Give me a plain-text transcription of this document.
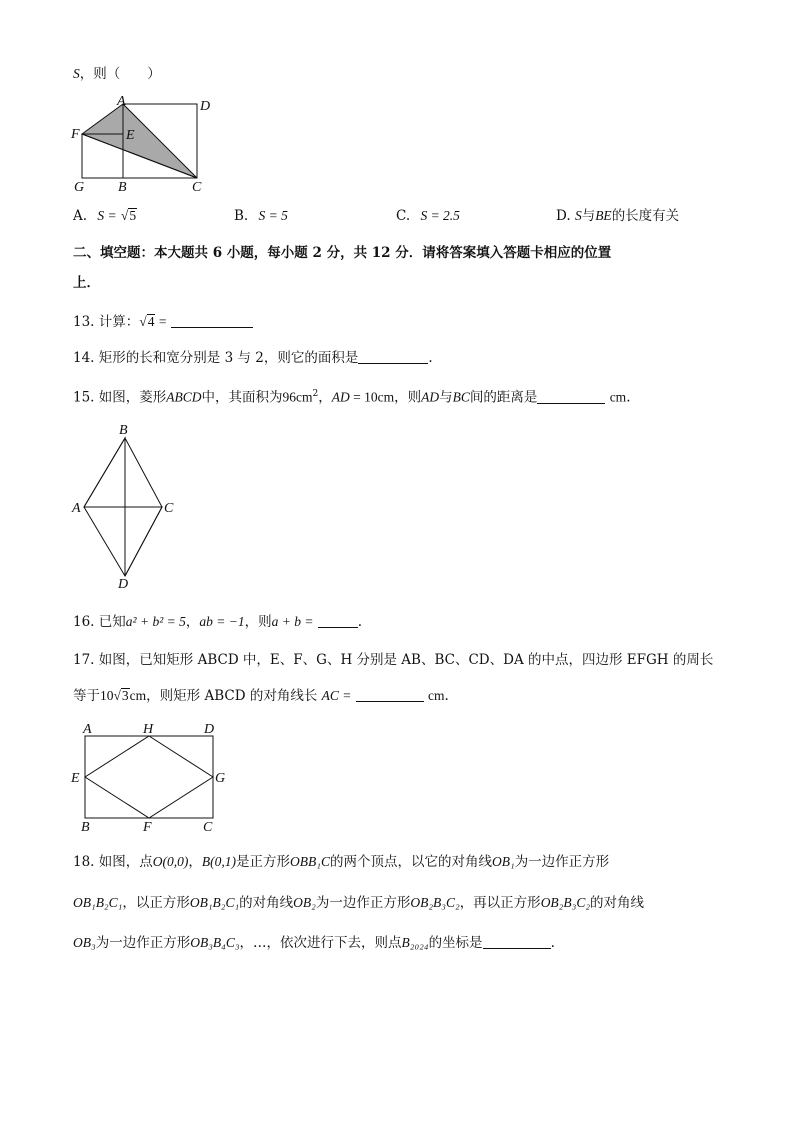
S，则（　　）
A	D
F	E
G B	C
A. S = √5	B. S = 5	C. S = 2.5	D. S与BE的长度有关
二、填空题：本大题共 6 小题，每小题 2 分，共 12 分．请将答案填入答题卡相应的位置
上．
13. 计算：√4 =
14. 矩形的长和宽分别是 3 与 2，则它的面积是	.
15. 如图，菱形ABCD中，其面积为$96cm^2$，AD = 10cm，则AD与BC间的距离是	cm.
B
A	C
D
16. 已知a² + b² = 5，ab = −1，则a + b =	.
17. 如图，已知矩形 ABCD 中，E、F、G、H 分别是 AB、BC、CD、DA 的中点，四边形 EFGH 的周长
等于10√3cm，则矩形 ABCD 的对角线长 AC =	cm.
A	H	D
E	G
B	F	C
18. 如图，点O(0,0)，B(0,1)是正方形OBB₁C的两个顶点，以它的对角线OB₁为一边作正方形
OB₁B₂C₁，以正方形OB₁B₂C₁的对角线OB₂为一边作正方形OB₂B₃C₂，再以正方形OB₂B₃C₂的对角线
OB₃为一边作正方形OB₃B₄C₃，…，依次进行下去，则点B₂₀₂₄的坐标是	.
